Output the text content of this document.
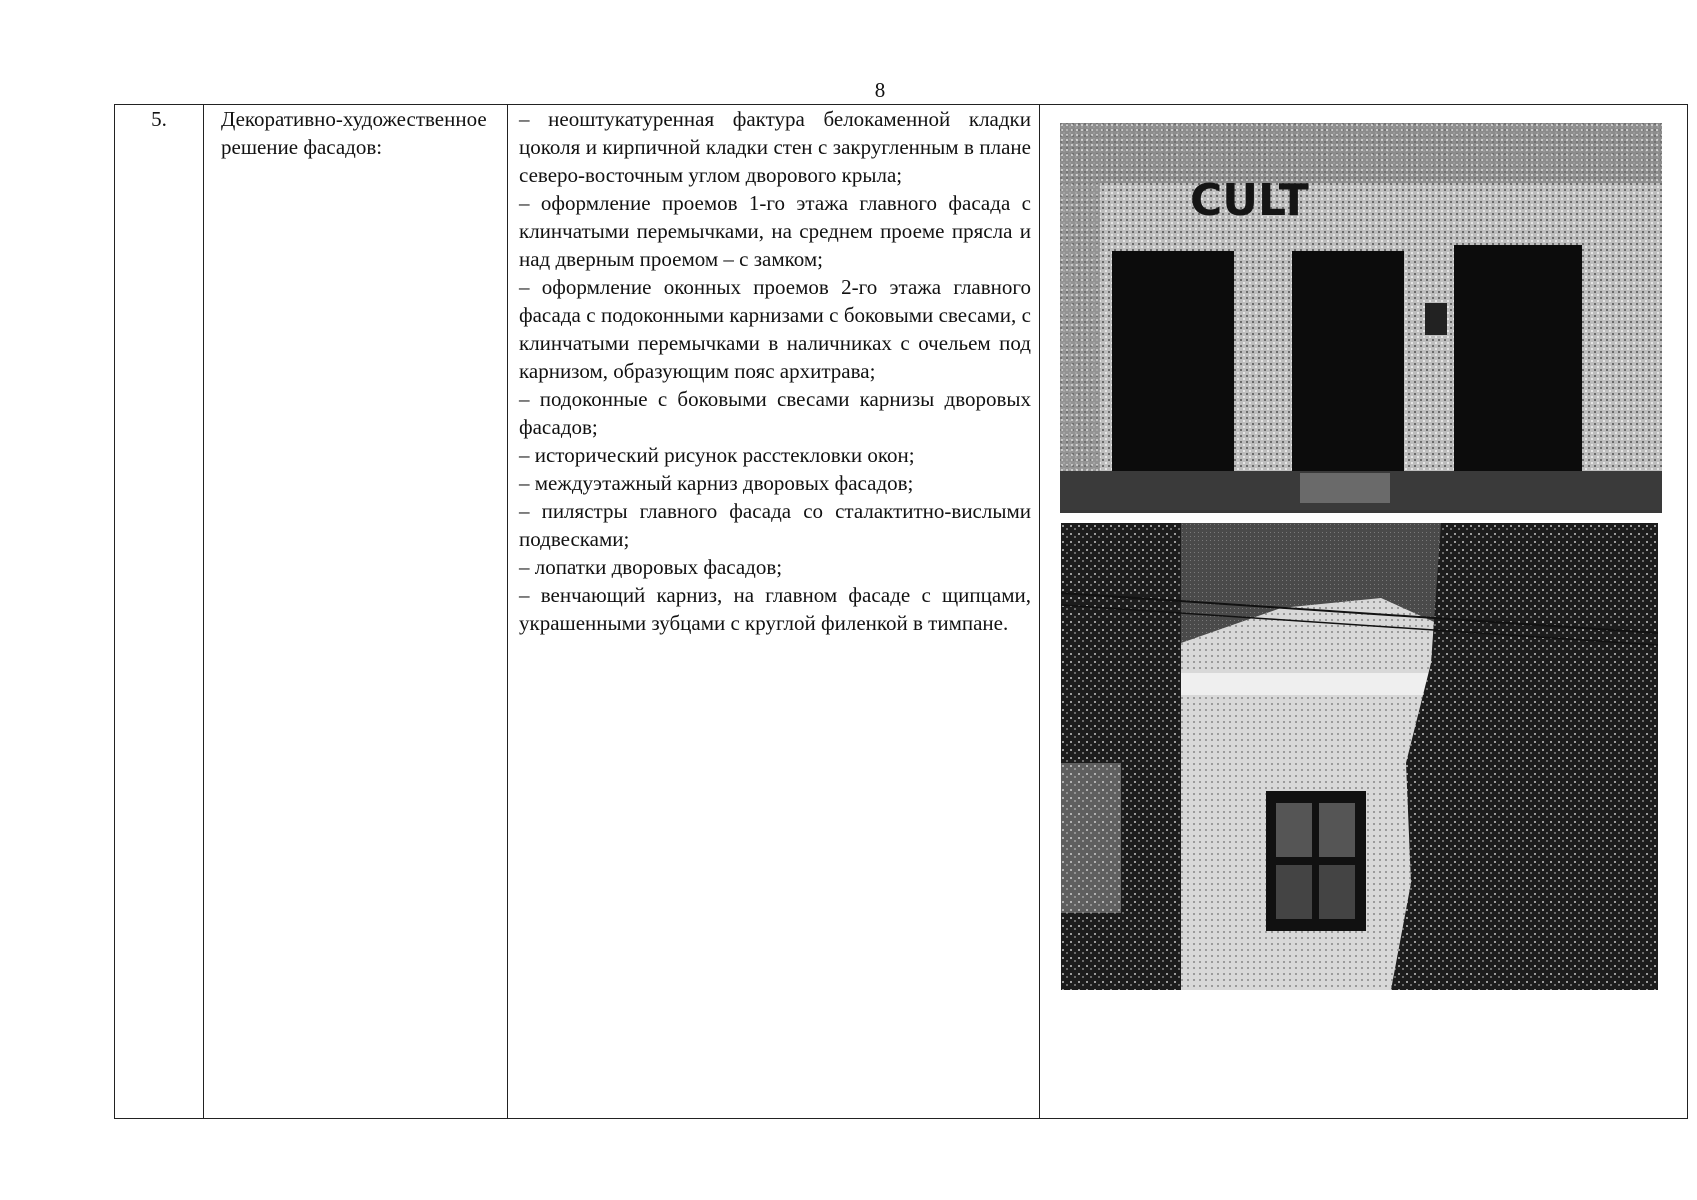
8
5.	Декоративно-художественное решение фасадов:

– неоштукатуренная фактура белокаменной кладки цоколя и кирпичной кладки стен с закругленным в плане северо-восточным углом дворового крыла;

– оформление проемов 1-го этажа главного фасада с клинчатыми перемычками, на среднем проеме прясла и над дверным проемом – с замком;

– оформление оконных проемов 2-го этажа главного фасада с подоконными карнизами с боковыми свесами, с клинчатыми перемычками в наличниках с очельем под карнизом, образующим пояс архитрава;

– подоконные с боковыми свесами карнизы дворовых фасадов;

– исторический рисунок расстекловки окон;

– междуэтажный карниз дворовых фасадов;

– пилястры главного фасада со сталактитно-вислыми подвесками;

– лопатки дворовых фасадов;

– венчающий карниз, на главном фасаде с щипцами, украшенными зубцами с круглой филенкой в тимпане.

CULT
